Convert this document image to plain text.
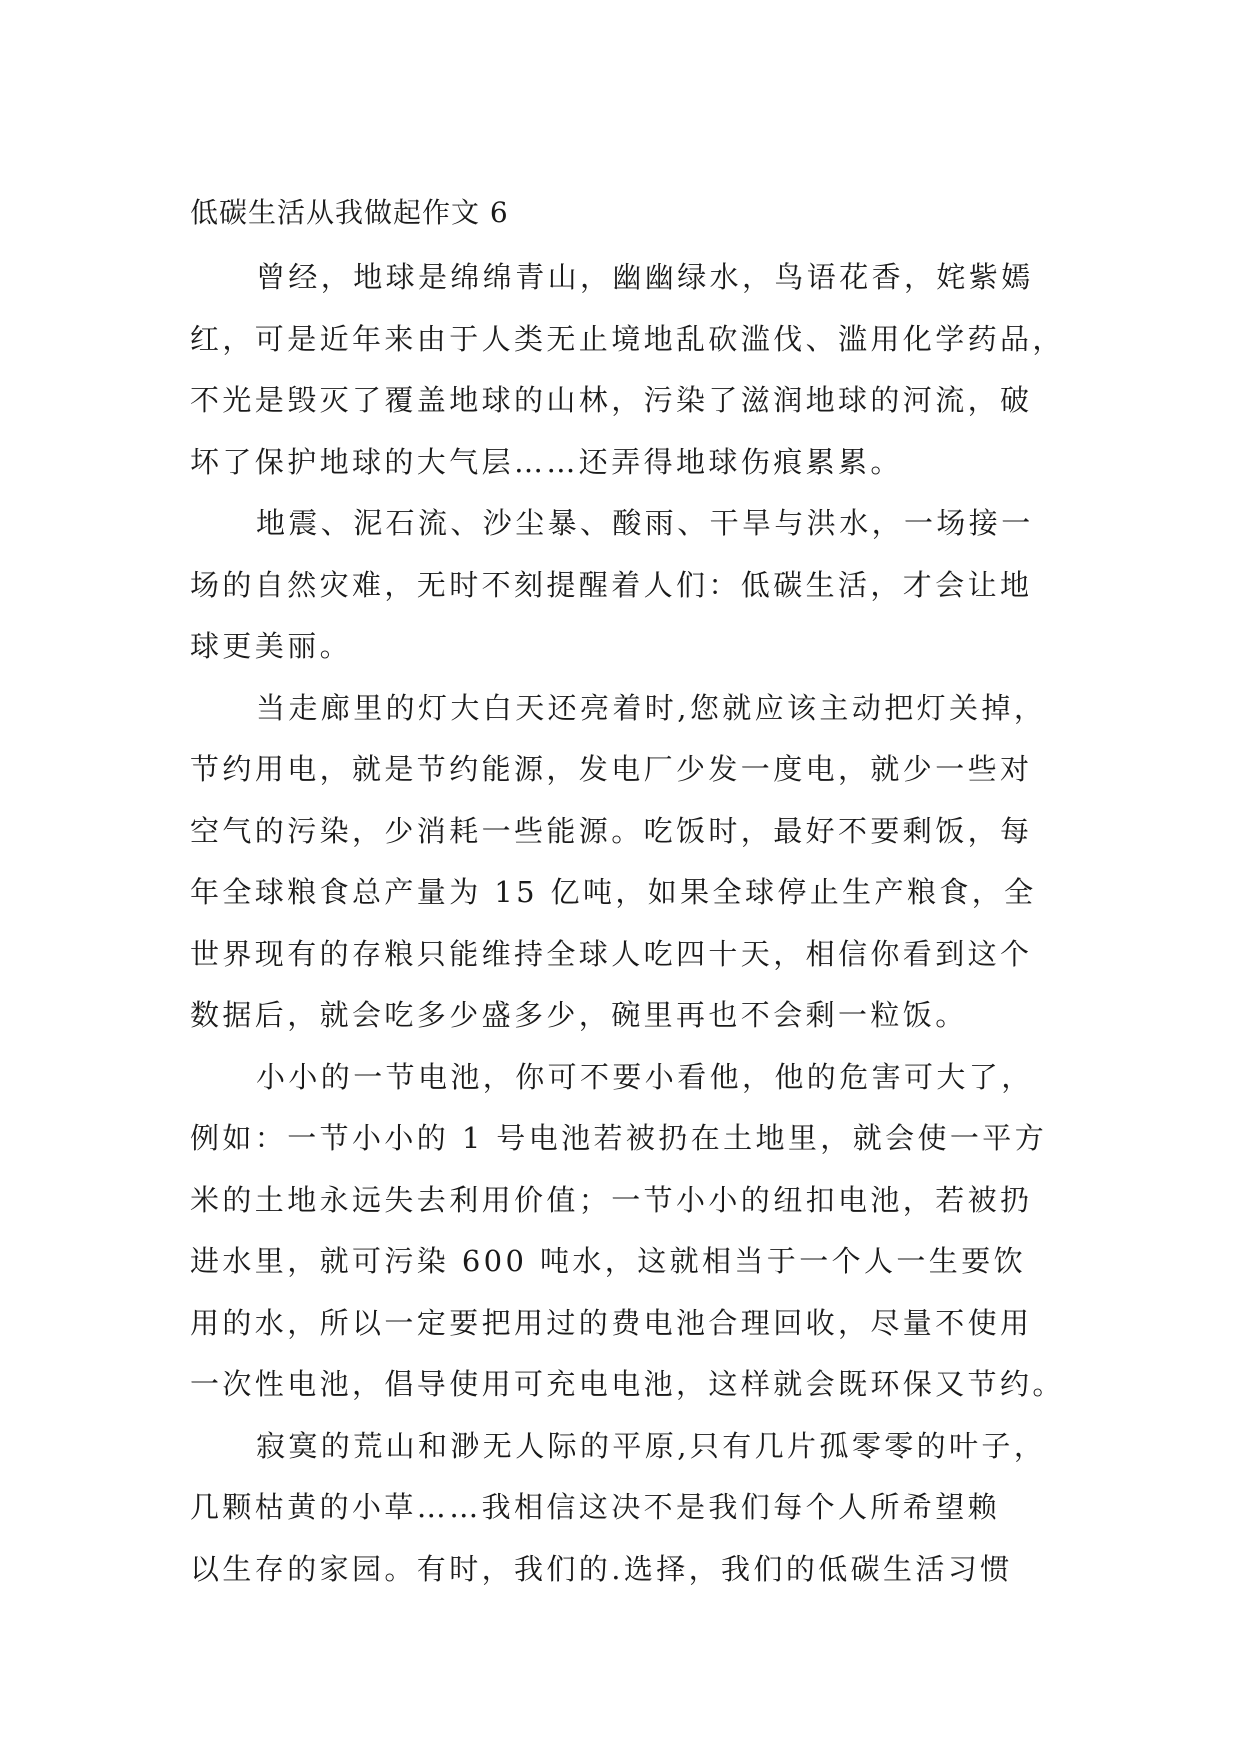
低碳生活从我做起作文 6
曾经，地球是绵绵青山，幽幽绿水，鸟语花香，姹紫嫣
红，可是近年来由于人类无止境地乱砍滥伐、滥用化学药品，
不光是毁灭了覆盖地球的山林，污染了滋润地球的河流，破
坏了保护地球的大气层……还弄得地球伤痕累累。
地震、泥石流、沙尘暴、酸雨、干旱与洪水，一场接一
场的自然灾难，无时不刻提醒着人们：低碳生活，才会让地
球更美丽。
当走廊里的灯大白天还亮着时,您就应该主动把灯关掉，
节约用电，就是节约能源，发电厂少发一度电，就少一些对
空气的污染，少消耗一些能源。吃饭时，最好不要剩饭，每
年全球粮食总产量为 15 亿吨，如果全球停止生产粮食，全
世界现有的存粮只能维持全球人吃四十天，相信你看到这个
数据后，就会吃多少盛多少，碗里再也不会剩一粒饭。
小小的一节电池，你可不要小看他，他的危害可大了，
例如：一节小小的 1 号电池若被扔在土地里，就会使一平方
米的土地永远失去利用价值；一节小小的纽扣电池，若被扔
进水里，就可污染 600 吨水，这就相当于一个人一生要饮
用的水，所以一定要把用过的费电池合理回收，尽量不使用
一次性电池，倡导使用可充电电池，这样就会既环保又节约。
寂寞的荒山和渺无人际的平原,只有几片孤零零的叶子，
几颗枯黄的小草……我相信这决不是我们每个人所希望赖
以生存的家园。有时，我们的.选择，我们的低碳生活习惯
